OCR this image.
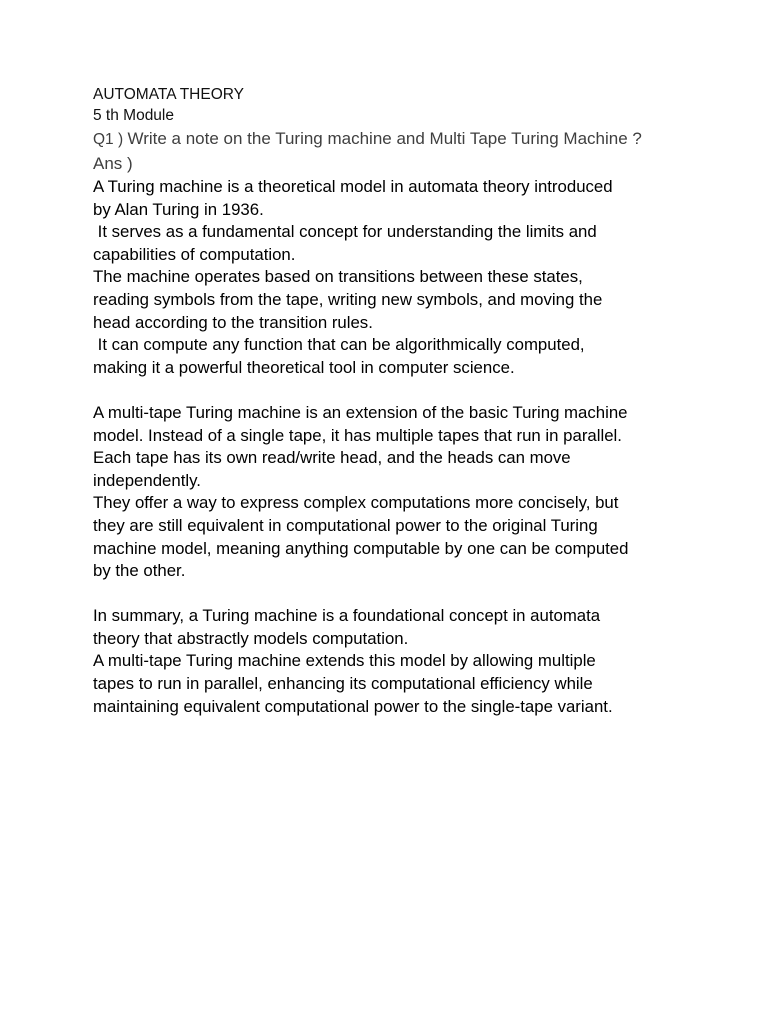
AUTOMATA THEORY
5 th Module
Q1 ) Write a note on the Turing machine and Multi Tape Turing Machine ?
Ans )
A Turing machine is a theoretical model in automata theory introduced
by Alan Turing in 1936.
It serves as a fundamental concept for understanding the limits and
capabilities of computation.
The machine operates based on transitions between these states,
reading symbols from the tape, writing new symbols, and moving the
head according to the transition rules.
It can compute any function that can be algorithmically computed,
making it a powerful theoretical tool in computer science.
A multi-tape Turing machine is an extension of the basic Turing machine
model. Instead of a single tape, it has multiple tapes that run in parallel.
Each tape has its own read/write head, and the heads can move
independently.
They offer a way to express complex computations more concisely, but
they are still equivalent in computational power to the original Turing
machine model, meaning anything computable by one can be computed
by the other.
In summary, a Turing machine is a foundational concept in automata
theory that abstractly models computation.
A multi-tape Turing machine extends this model by allowing multiple
tapes to run in parallel, enhancing its computational efficiency while
maintaining equivalent computational power to the single-tape variant.
